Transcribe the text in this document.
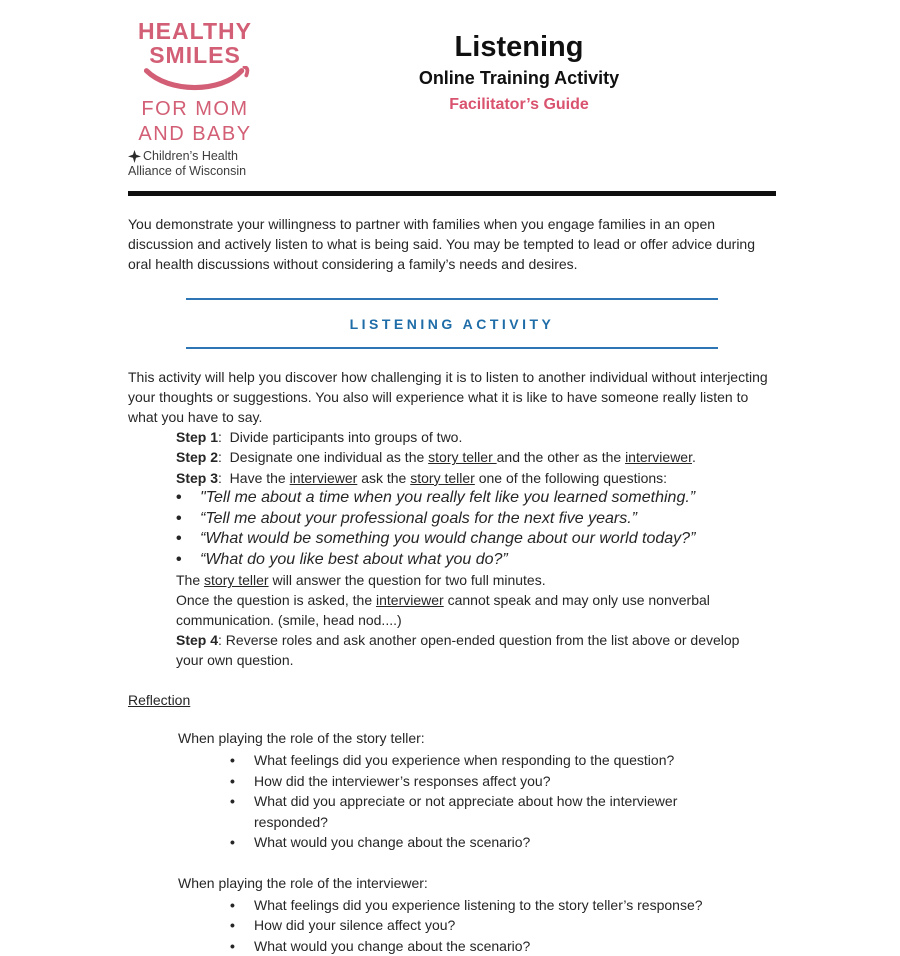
HEALTHY
SMILES
FOR MOM
AND BABY
Children’s Health
Alliance of Wisconsin
Listening
Online Training Activity
Facilitator’s Guide

You demonstrate your willingness to partner with families when you engage families in an open discussion and actively listen to what is being said. You may be tempted to lead or offer advice during oral health discussions without considering a family’s needs and desires.

LISTENING ACTIVITY

This activity will help you discover how challenging it is to listen to another individual without interjecting your thoughts or suggestions. You also will experience what it is like to have someone really listen to what you have to say.

Step 1:  Divide participants into groups of two.
Step 2:  Designate one individual as the story teller and the other as the interviewer.
Step 3:  Have the interviewer ask the story teller one of the following questions:
• "Tell me about a time when you really felt like you learned something.”
• “Tell me about your professional goals for the next five years.”
• “What would be something you would change about our world today?”
• “What do you like best about what you do?”
The story teller will answer the question for two full minutes.
Once the question is asked, the interviewer cannot speak and may only use nonverbal communication. (smile, head nod....)
Step 4: Reverse roles and ask another open-ended question from the list above or develop your own question.
Reflection
When playing the role of the story teller:
• What feelings did you experience when responding to the question?
• How did the interviewer’s responses affect you?
• What did you appreciate or not appreciate about how the interviewer responded?
• What would you change about the scenario?
When playing the role of the interviewer:
• What feelings did you experience listening to the story teller’s response?
• How did your silence affect you?
• What would you change about the scenario?
